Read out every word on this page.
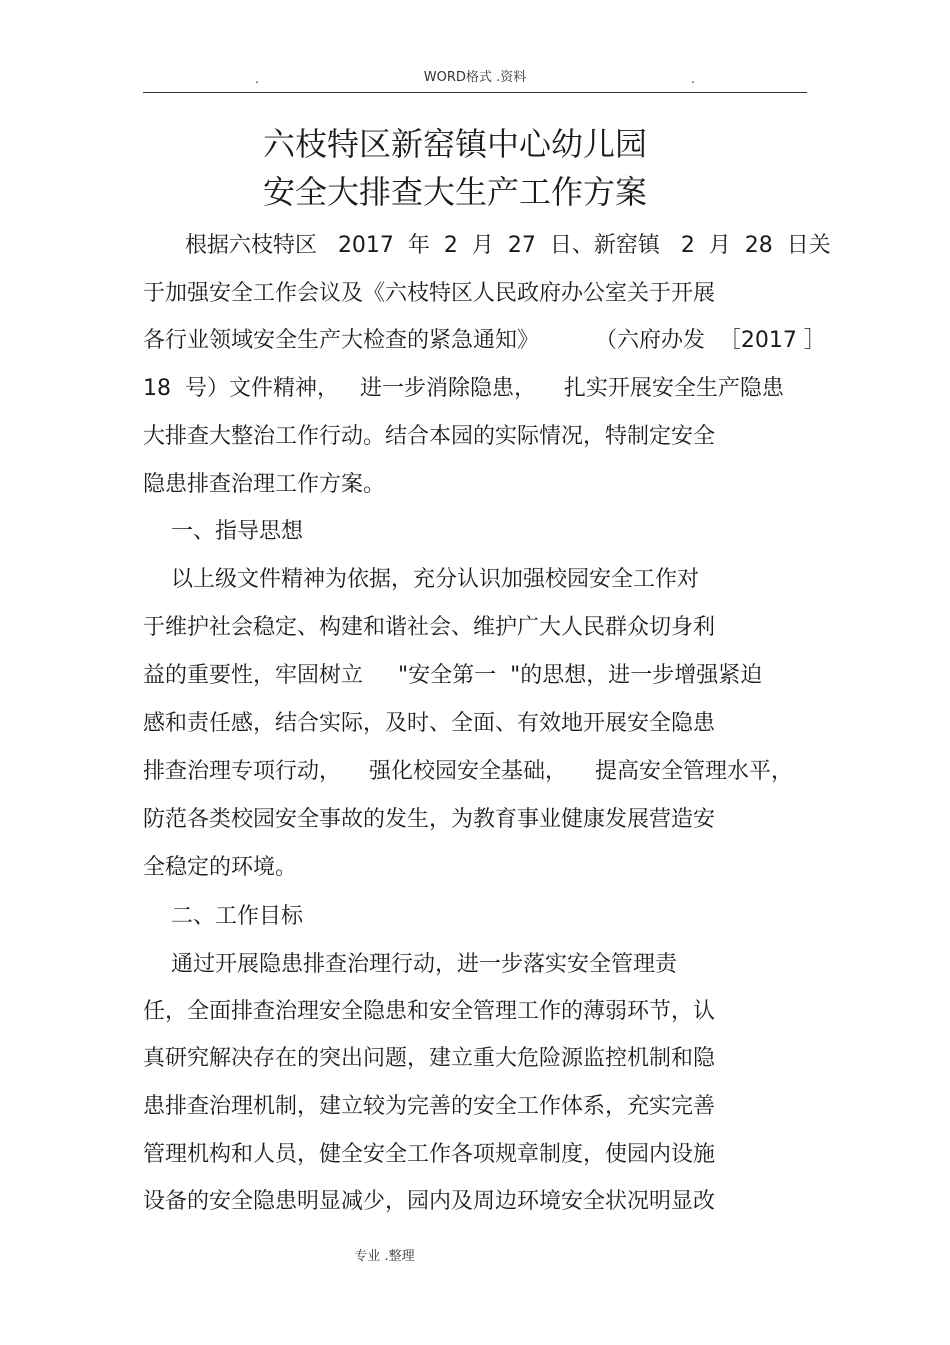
.	WORD格式 .资料	.
六枝特区新窑镇中心幼儿园
安全大排查大生产工作方案
根据六枝特区   2017  年  2  月  27  日、新窑镇   2  月  28  日关
于加强安全工作会议及《六枝特区人民政府办公室关于开展
各行业领域安全生产大检查的紧急通知》        （六府办发  ［2017 ］
18  号）文件精神，   进一步消除隐患，    扎实开展安全生产隐患
大排查大整治工作行动。结合本园的实际情况，特制定安全
隐患排查治理工作方案。
一、指导思想
以上级文件精神为依据，充分认识加强校园安全工作对
于维护社会稳定、构建和谐社会、维护广大人民群众切身利
益的重要性，牢固树立     "安全第一  "的思想，进一步增强紧迫
感和责任感，结合实际，及时、全面、有效地开展安全隐患
排查治理专项行动，    强化校园安全基础，    提高安全管理水平，
防范各类校园安全事故的发生，为教育事业健康发展营造安
全稳定的环境。
二、工作目标
通过开展隐患排查治理行动，进一步落实安全管理责
任，全面排查治理安全隐患和安全管理工作的薄弱环节，认
真研究解决存在的突出问题，建立重大危险源监控机制和隐
患排查治理机制，建立较为完善的安全工作体系，充实完善
管理机构和人员，健全安全工作各项规章制度，使园内设施
设备的安全隐患明显减少，园内及周边环境安全状况明显改
专业 .整理
